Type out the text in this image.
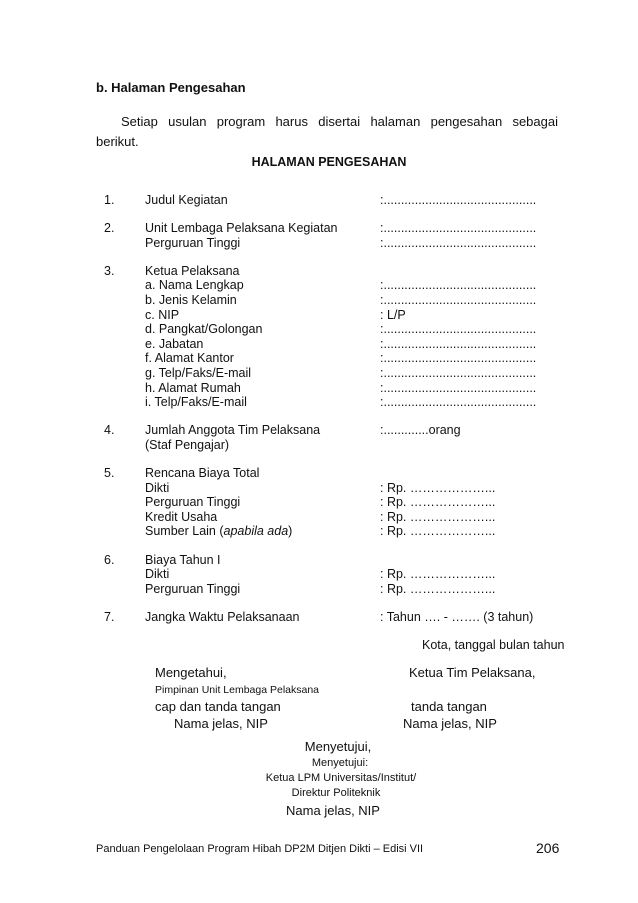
b. Halaman Pengesahan
Setiap usulan program harus disertai halaman pengesahan sebagai
berikut.
HALAMAN PENGESAHAN
1. Judul Kegiatan	:............................................
2. Unit Lembaga Pelaksana Kegiatan	:............................................
Perguruan Tinggi	:............................................
3. Ketua Pelaksana
a. Nama Lengkap	:............................................
b. Jenis Kelamin	:............................................
c. NIP	: L/P
d. Pangkat/Golongan	:............................................
e. Jabatan	:............................................
f. Alamat Kantor	:............................................
g. Telp/Faks/E-mail	:............................................
h. Alamat Rumah	:............................................
i. Telp/Faks/E-mail	:............................................
4. Jumlah Anggota Tim Pelaksana	:.............orang
(Staf Pengajar)
5. Rencana Biaya Total
Dikti	: Rp. ………………...
Perguruan Tinggi	: Rp. ………………...
Kredit Usaha	: Rp. ………………...
Sumber Lain (apabila ada)	: Rp. ………………...
6. Biaya Tahun I
Dikti	: Rp. ………………...
Perguruan Tinggi	: Rp. ………………...
7. Jangka Waktu Pelaksanaan	: Tahun …. - ……. (3 tahun)
Kota, tanggal bulan tahun
Mengetahui,
Pimpinan Unit Lembaga Pelaksana
cap dan tanda tangan
Nama jelas, NIP
Ketua Tim Pelaksana,
tanda tangan
Nama jelas, NIP
Menyetujui,
Menyetujui:
Ketua LPM Universitas/Institut/
Direktur Politeknik
Nama jelas, NIP
Panduan Pengelolaan Program Hibah DP2M Ditjen Dikti – Edisi VII	206
